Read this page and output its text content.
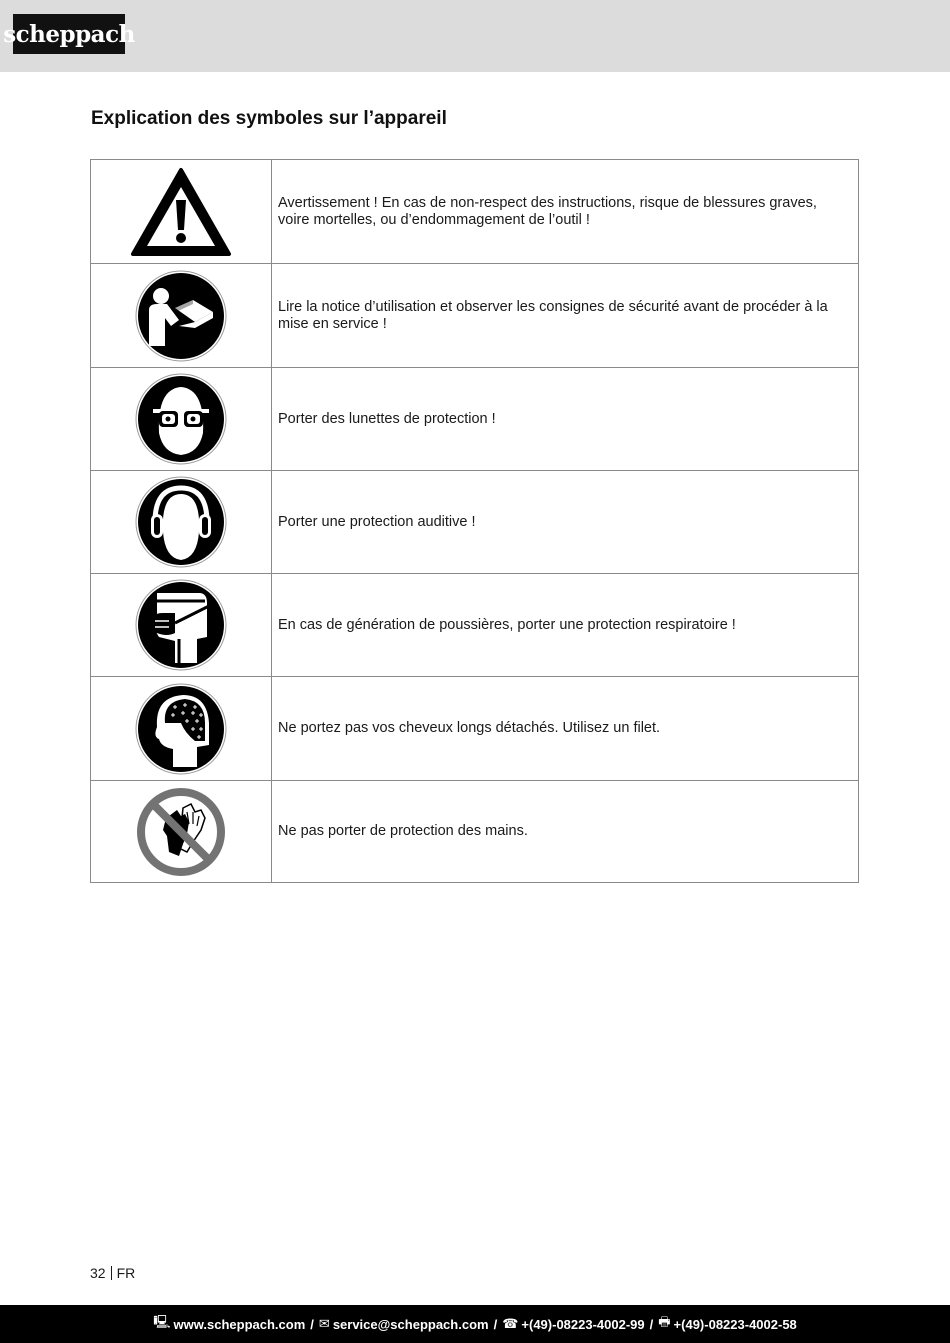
scheppach
Explication des symboles sur l’appareil
	Avertissement ! En cas de non-respect des instructions, risque de blessures graves, voire mortelles, ou d’endommagement de l’outil !

	Lire la notice d’utilisation et observer les consignes de sécurité avant de procéder à la mise en service !

	Porter des lunettes de protection !

	Porter une protection auditive !

	En cas de génération de poussières, porter une protection respiratoire !

	Ne portez pas vos cheveux longs détachés. Utilisez un filet.

	Ne pas porter de protection des mains.
32 FR
🖳 www.scheppach.com / ✉ service@scheppach.com / ☎ +(49)-08223-4002-99 / 🖶 +(49)-08223-4002-58
